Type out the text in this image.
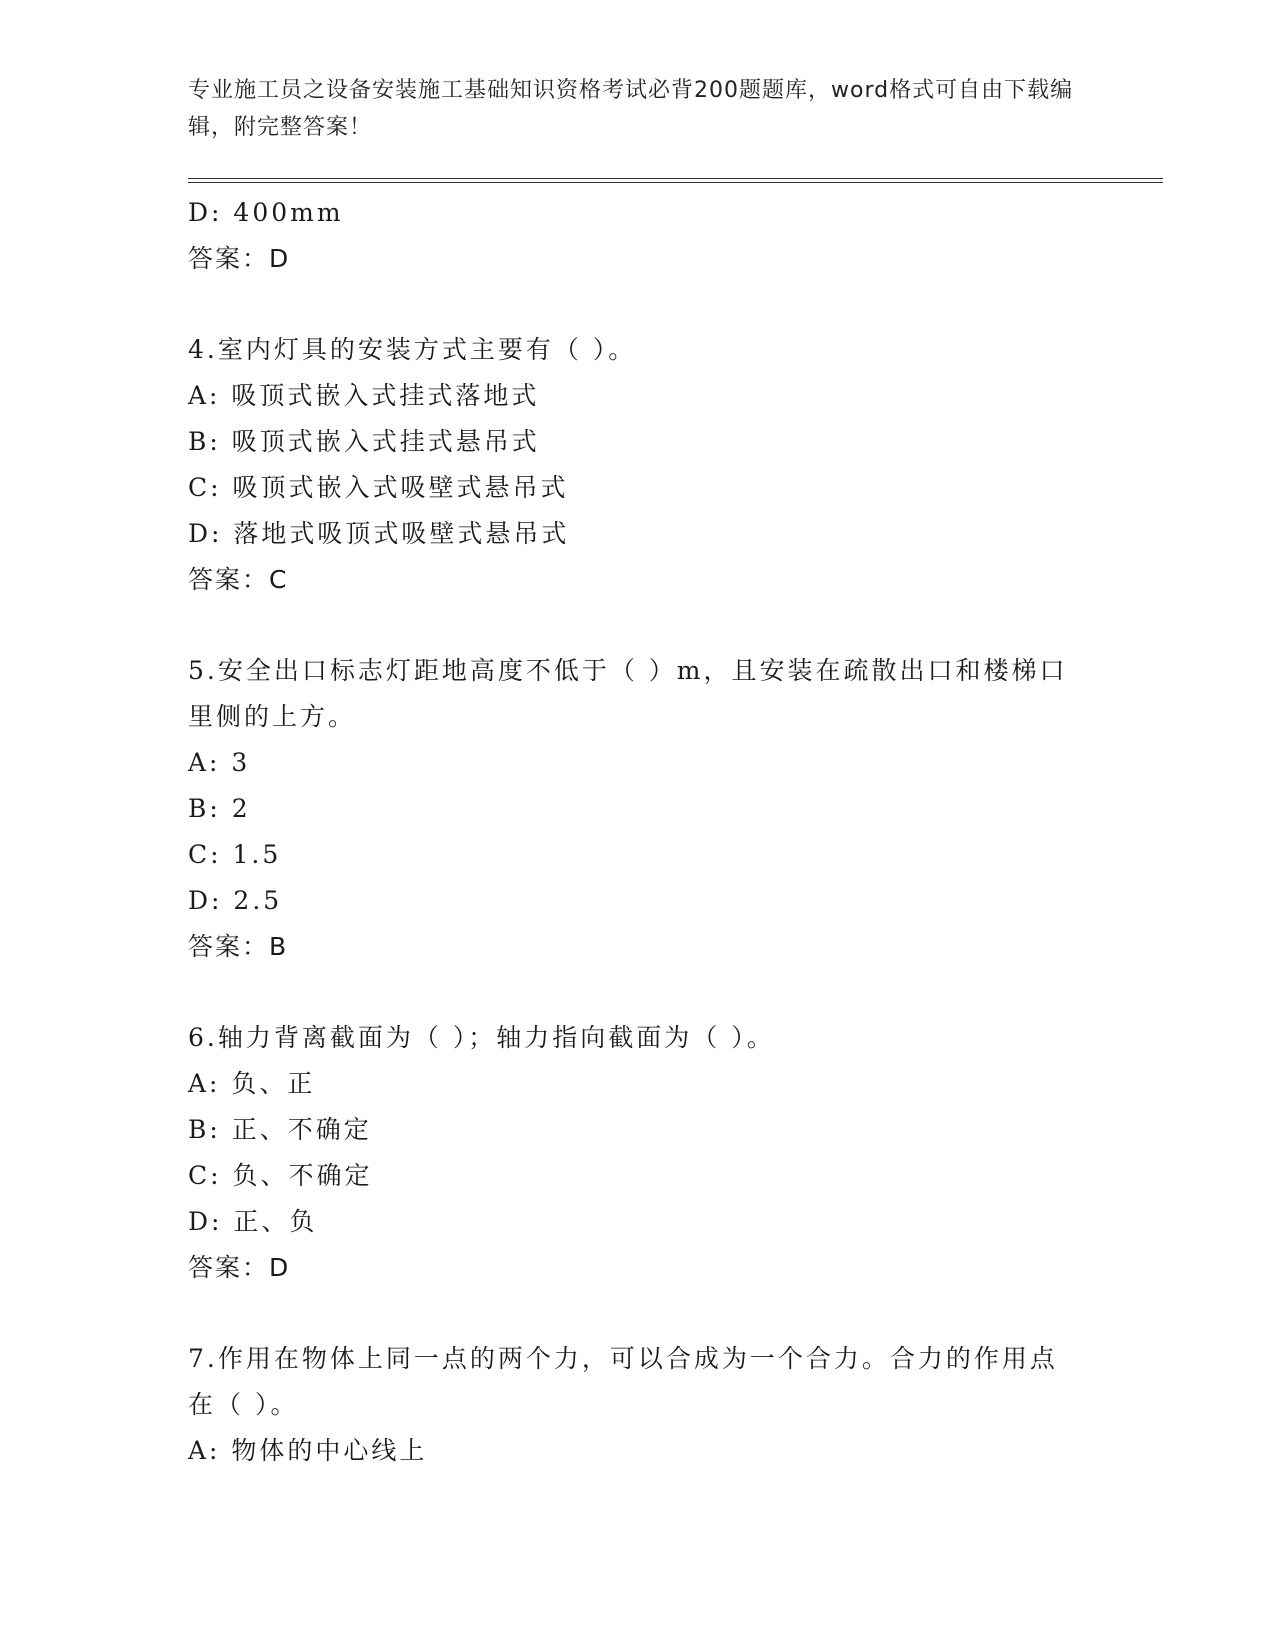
专业施工员之设备安装施工基础知识资格考试必背200题题库，word格式可自由下载编辑，附完整答案！
D: 400mm
答案：D
4.室内灯具的安装方式主要有（ ）。
A: 吸顶式嵌入式挂式落地式
B: 吸顶式嵌入式挂式悬吊式
C: 吸顶式嵌入式吸壁式悬吊式
D: 落地式吸顶式吸壁式悬吊式
答案：C
5.安全出口标志灯距地高度不低于（ ）m，且安装在疏散出口和楼梯口里侧的上方。
A: 3
B: 2
C: 1.5
D: 2.5
答案：B
6.轴力背离截面为（ ）；轴力指向截面为（ ）。
A: 负、正
B: 正、不确定
C: 负、不确定
D: 正、负
答案：D
7.作用在物体上同一点的两个力，可以合成为一个合力。合力的作用点在（ ）。
A: 物体的中心线上
